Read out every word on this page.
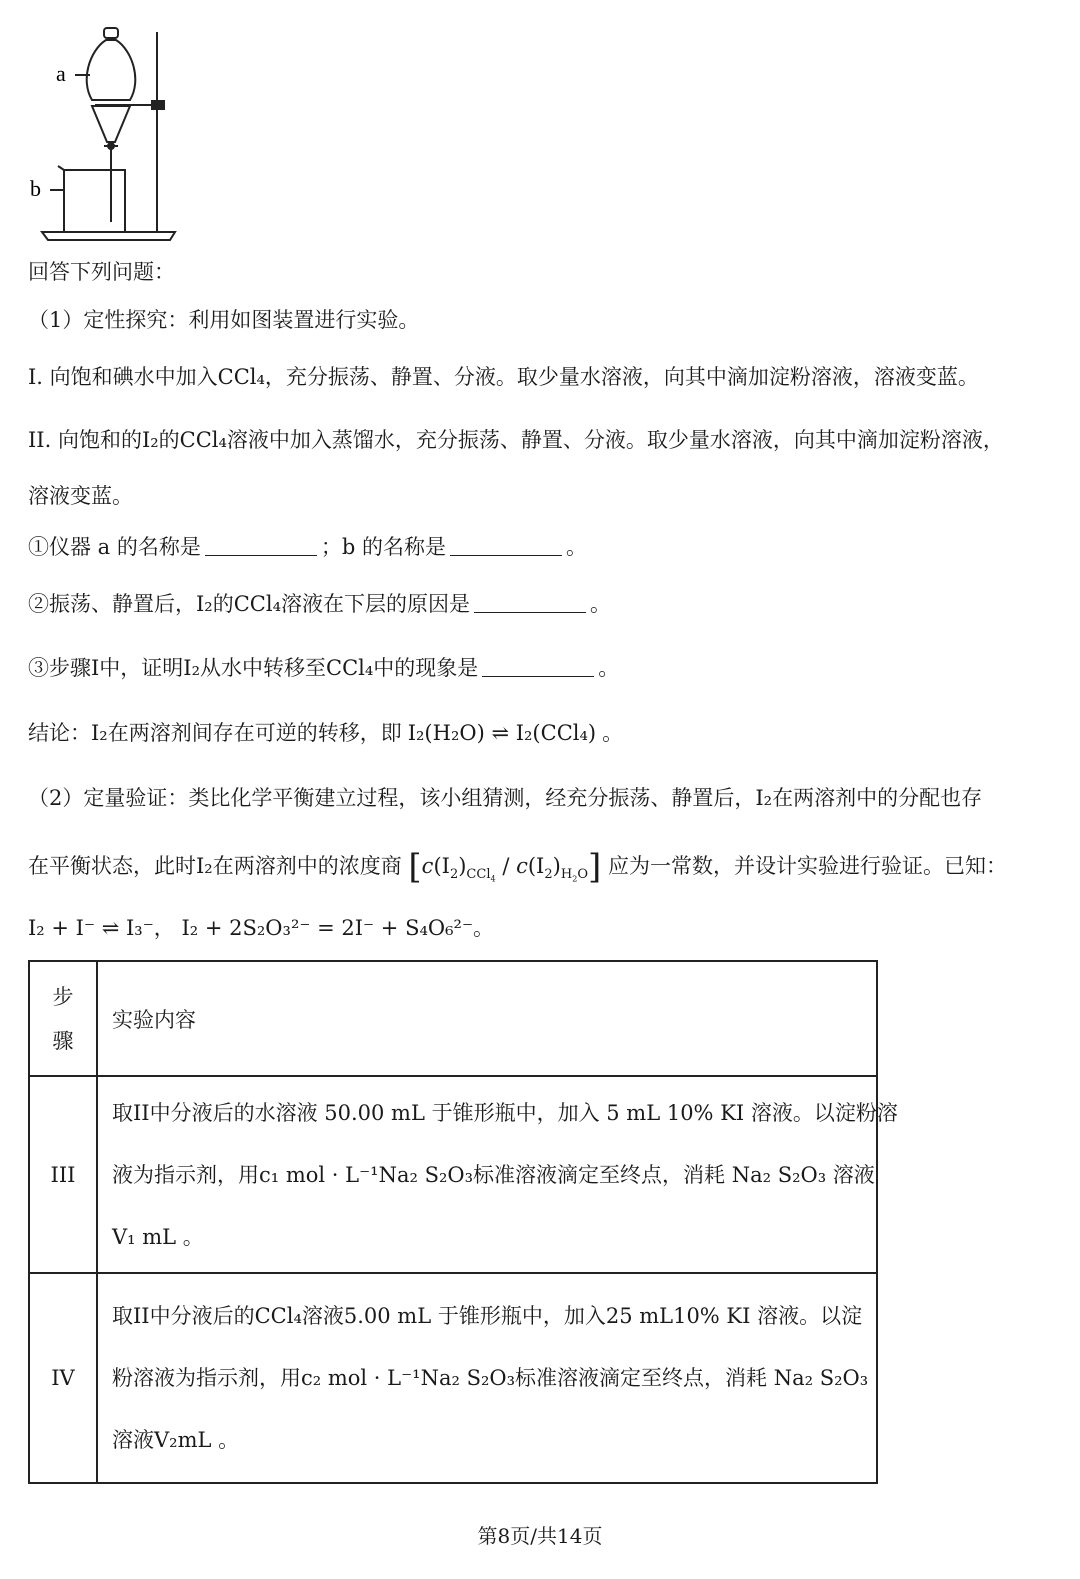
a
b
回答下列问题：
（1）定性探究：利用如图装置进行实验。
I. 向饱和碘水中加入CCl₄，充分振荡、静置、分液。取少量水溶液，向其中滴加淀粉溶液，溶液变蓝。
II. 向饱和的I₂的CCl₄溶液中加入蒸馏水，充分振荡、静置、分液。取少量水溶液，向其中滴加淀粉溶液，
溶液变蓝。
①仪器 a 的名称是	；b 的名称是	。
②振荡、静置后，I₂的CCl₄溶液在下层的原因是	。
③步骤I中，证明I₂从水中转移至CCl₄中的现象是	。
结论：I₂在两溶剂间存在可逆的转移，即 I₂(H₂O) ⇌ I₂(CCl₄) 。
（2）定量验证：类比化学平衡建立过程，该小组猜测，经充分振荡、静置后，I₂在两溶剂中的分配也存
在平衡状态，此时I₂在两溶剂中的浓度商 $[c(I_2)_{CCl_4} / c(I_2)_{H_2O}]$ 应为一常数，并设计实验进行验证。已知：
I₂ + I⁻ ⇌ I₃⁻， I₂ + 2S₂O₃²⁻ = 2I⁻ + S₄O₆²⁻。
步
骤	实验内容
III	取II中分液后的水溶液 50.00 mL 于锥形瓶中，加入 5 mL 10% KI 溶液。以淀粉溶
液为指示剂，用c₁ mol · L⁻¹Na₂ S₂O₃标准溶液滴定至终点，消耗 Na₂ S₂O₃ 溶液
V₁ mL 。

IV	取II中分液后的CCl₄溶液5.00 mL 于锥形瓶中，加入25 mL10% KI 溶液。以淀
粉溶液为指示剂，用c₂ mol · L⁻¹Na₂ S₂O₃标准溶液滴定至终点，消耗 Na₂ S₂O₃
溶液V₂mL 。
第8页/共14页
